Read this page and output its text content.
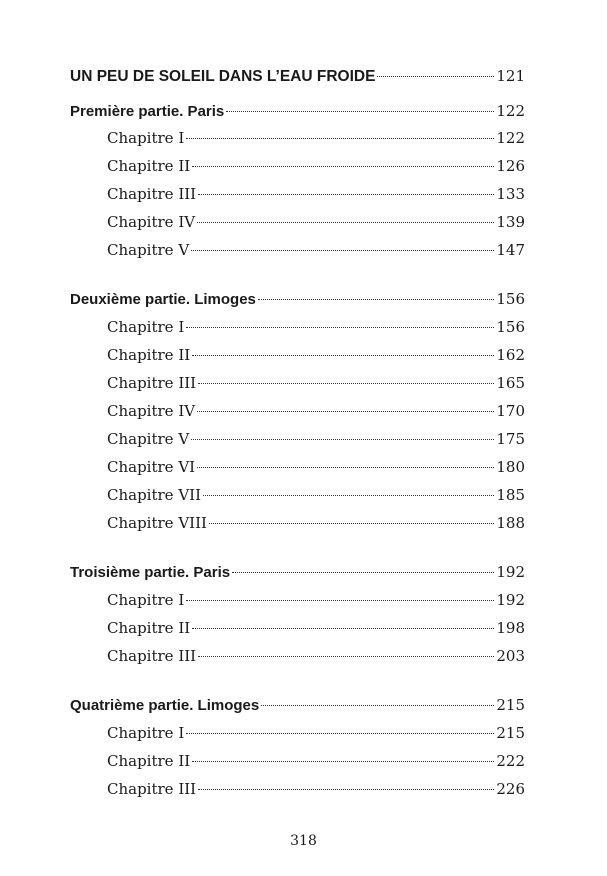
UN PEU DE SOLEIL DANS L’EAU FROIDE	121
Première partie. Paris	122
Chapitre I	122
Chapitre II	126
Chapitre III	133
Chapitre IV	139
Chapitre V	147
Deuxième partie. Limoges	156
Chapitre I	156
Chapitre II	162
Chapitre III	165
Chapitre IV	170
Chapitre V	175
Chapitre VI	180
Chapitre VII	185
Chapitre VIII	188
Troisième partie. Paris	192
Chapitre I	192
Chapitre II	198
Chapitre III	203
Quatrième partie. Limoges	215
Chapitre I	215
Chapitre II	222
Chapitre III	226
318
